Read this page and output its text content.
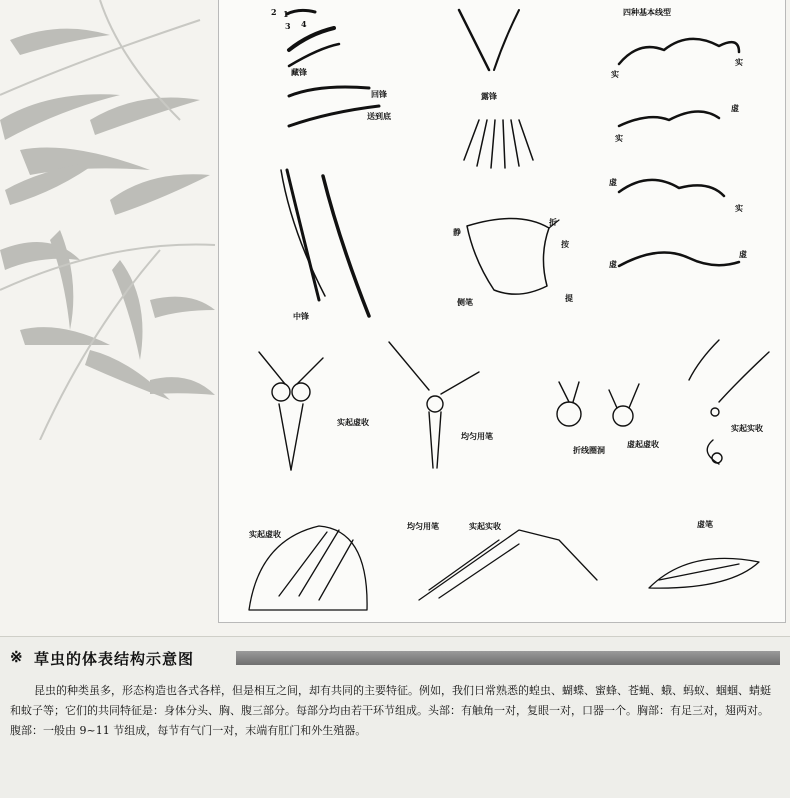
2 1
3 4
藏锋
回锋
送到底
露锋
中锋
四种基本线型
实
实
虚
实
虚
实
虚
虚
折
静
按
侧笔	提
实起虚收
均匀用笔
折线圈洞
虚起虚收
实起实收
实起虚收
均匀用笔	实起实收	虚笔
※ 草虫的体表结构示意图
昆虫的种类虽多，形态构造也各式各样，但是相互之间，却有共同的主要特征。例如，我们日常熟悉的蝗虫、蝴蝶、蜜蜂、苍蝇、蛾、蚂蚁、蝈蝈、蜻蜓和蚊子等；它们的共同特征是：身体分头、胸、腹三部分。每部分均由若干环节组成。头部：有触角一对，复眼一对，口器一个。胸部：有足三对，翅两对。腹部：一般由 9~11 节组成，每节有气门一对，末端有肛门和外生殖器。
